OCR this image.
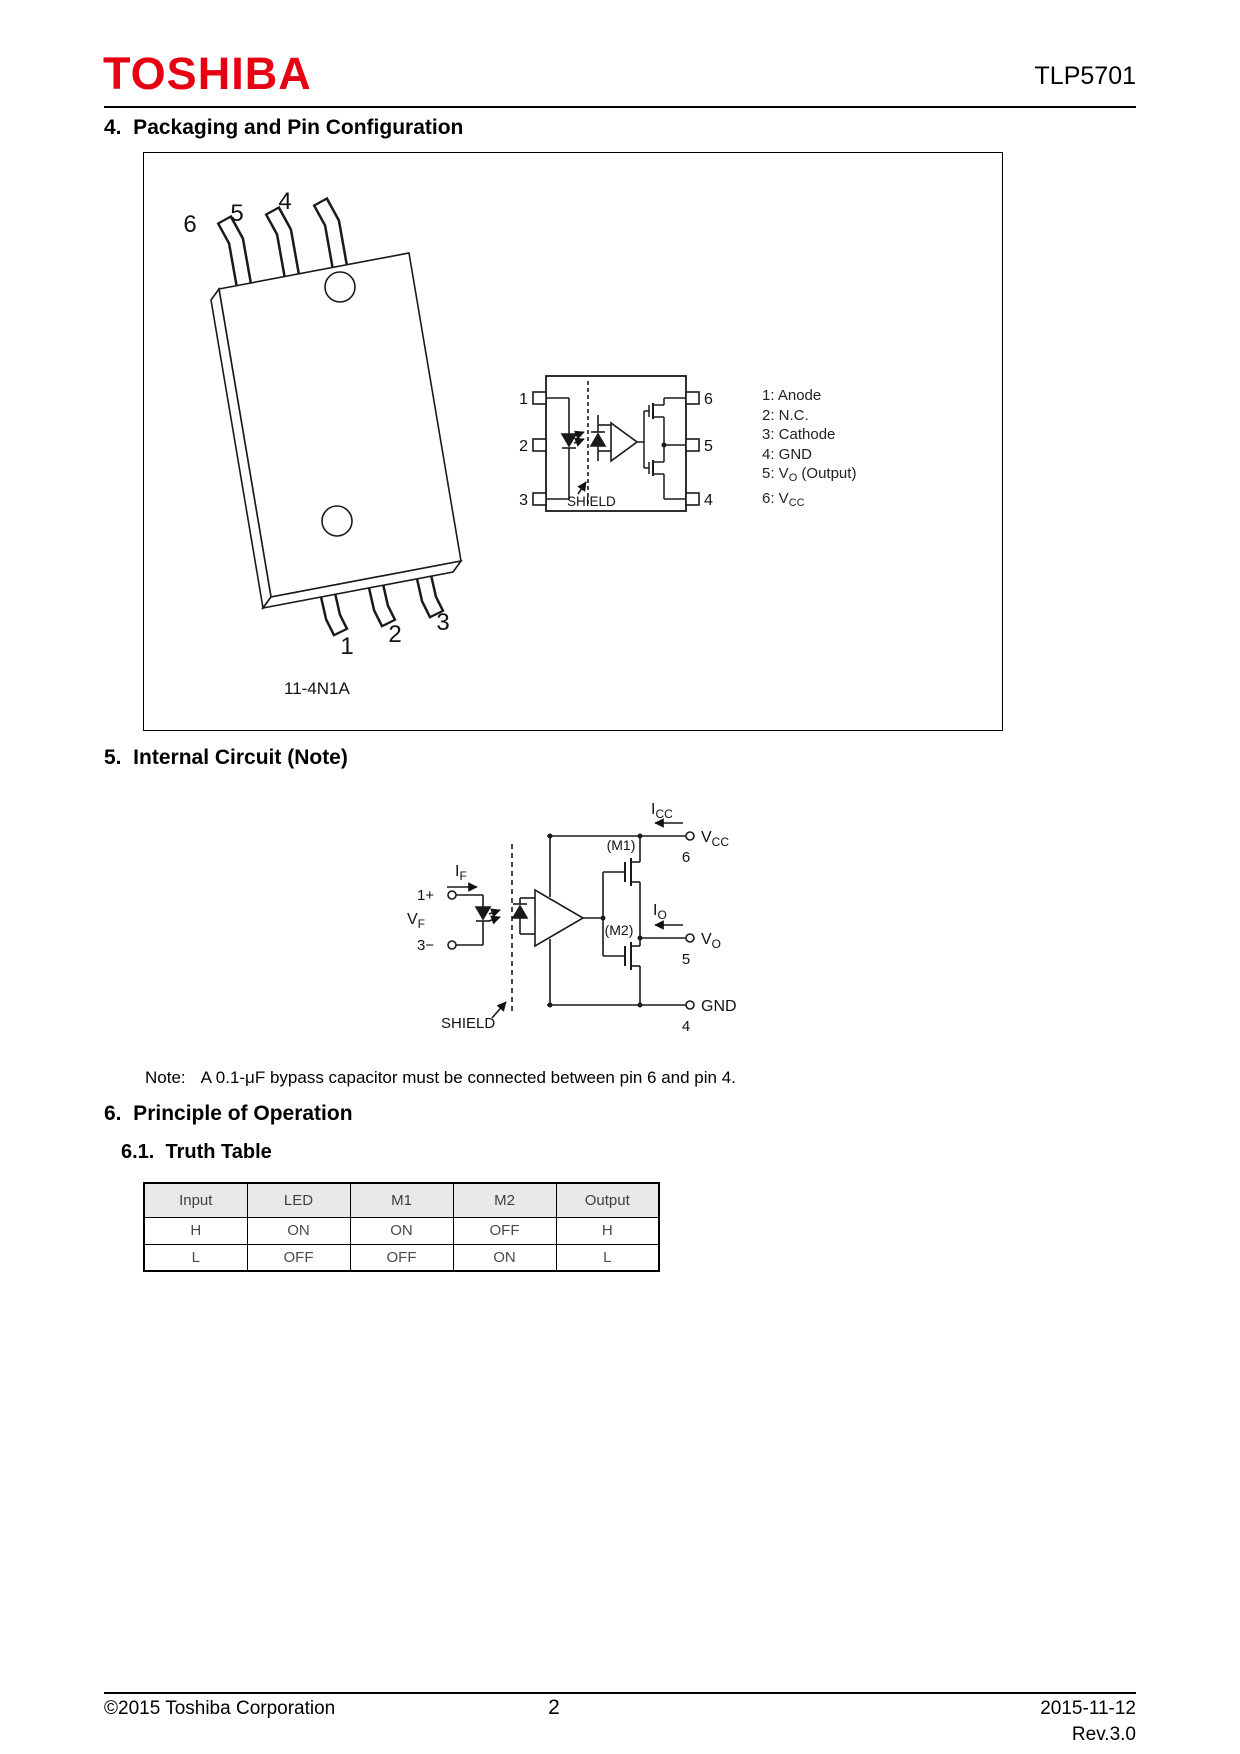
TOSHIBA	TLP5701
4.  Packaging and Pin Configuration
6 5 4
1 2 3
11-4N1A
1
2
3
6
5
4
SHIELD
1: Anode
2: N.C.
3: Cathode
4: GND
5: $V_O$ (Output)
6: $V_{CC}$
5.  Internal Circuit (Note)
$I_{CC}$
$V_{CC}$
6
(M1)
$I_O$
$V_O$
5
(M2)
GND
4
$I_F$
1+
$V_F$
3−
SHIELD
Note: A 0.1-μF bypass capacitor must be connected between pin 6 and pin 4.
6.  Principle of Operation
6.1.  Truth Table
Input	LED	M1	M2	Output
H	ON	ON	OFF	H
L	OFF	OFF	ON	L
©2015 Toshiba Corporation	2	2015-11-12
Rev.3.0
